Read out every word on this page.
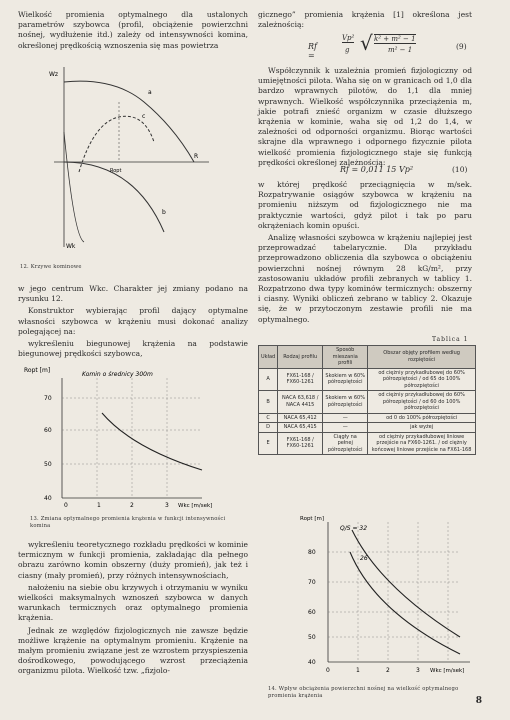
Wielkość promienia optymalnego dla ustalonych parametrów szybowca (profil, obciążenie powierzchni nośnej, wydłużenie itd.) zależy od intensywności komina, określonej prędkością wznoszenia się mas powietrza

Wz
a
c
b
R
Ropt
Wk
12. Krzywe kominowe

w jego centrum Wkc. Charakter jej zmiany podano na rysunku 12.

Konstruktor wybierając profil dający optymalne własności szybowca w krążeniu musi dokonać analizy polegającej na:

wykreśleniu biegunowej krążenia na podstawie biegunowej prędkości szybowca,

Ropt [m]
Komin o średnicy 300m
70
60
50
40
0	1	2	3 Wkc [m/sek]
13. Zmiana optymalnego promienia krążenia w funkcji intensywności komina

wykreśleniu teoretycznego rozkładu prędkości w kominie termicznym w funkcji promienia, zakładając dla pełnego obrazu zarówno komin obszerny (duży promień), jak też i ciasny (mały promień), przy różnych intensywnościach,

nałożeniu na siebie obu krzywych i otrzymaniu w wyniku wielkości maksymalnych wznoszeń szybowca w danych warunkach termicznych oraz optymalnego promienia krążenia.

Jednak ze względów fizjologicznych nie zawsze będzie możliwe krążenie na optymalnym promieniu. Krążenie na małym promieniu związane jest ze wzrostem przyspieszenia dośrodkowego, powodującego wzrost przeciążenia organizmu pilota. Wielkość tzw. „fizjolo-

gicznego” promienia krążenia [1] określona jest zależnością:

Rf =
Vp²
g √ k² + m² − 1
m² − 1	(9)

Współczynnik k uzależnia promień fizjologiczny od umiejętności pilota. Waha się on w granicach od 1,0 dla bardzo wprawnych pilotów, do 1,1 dla mniej wprawnych. Wielkość współczynnika przeciążenia m, jakie potrafi znieść organizm w czasie dłuższego krążenia w kominie, waha się od 1,2 do 1,4, w zależności od odporności organizmu. Biorąc wartości skrajne dla wprawnego i odpornego fizycznie pilota wielkość promienia fizjologicznego staje się funkcją prędkości określonej zależnością:

Rf = 0,011 15 Vp²	(10)

w której prędkość przeciągnięcia w m/sek. Rozpatrywanie osiągów szybowca w krążeniu na promieniu niższym od fizjologicznego nie ma praktycznie wartości, gdyż pilot i tak po paru okrążeniach komin opuści.

Analizę własności szybowca w krążeniu najlepiej jest przeprowadzać tabelarycznie. Dla przykładu przeprowadzono obliczenia dla szybowca o obciążeniu powierzchni nośnej równym 28 kG/m², przy zastosowaniu układów profili zebranych w tablicy 1. Rozpatrzono dwa typy kominów termicznych: obszerny i ciasny. Wyniki obliczeń zebrano w tablicy 2. Okazuje się, że w przytoczonym zestawie profili nie ma optymalnego.

Tablica 1
Układ	Rodzaj profilu	Sposób mieszania profili	Obszar objęty profilem według rozpiętości
A	FX61-168 / FX60-1261	Skokiem w 60% półrozpiętości	od ciężniy przykadłubowej do 60% półrozpiętości / od 65 do 100% półrozpiętości
B	NACA 63,618 / NACA 4415	Skokiem w 60% półrozpiętości	od ciężniy przykadłubowej do 60% półrozpiętości / od 60 do 100% półrozpiętości
C	NACA 65,412	—	od 0 do 100% półrozpiętości
D	NACA 65,415	—	jak wyżej
E	FX61-168 / FX60-1261	Ciągły na pełnej półrozpiętości	od ciężniy przykadłubowej liniowe przejście na FX60-1261. / od ciężniy końcowej liniowe przejście na FX61-168
Ropt [m]
Q/S = 32
26
80
70
60
50
40
0	1	2	3 Wkc [m/sek]
14. Wpływ obciążenia powierzchni nośnej na wielkość optymalnego promienia krążenia	8
